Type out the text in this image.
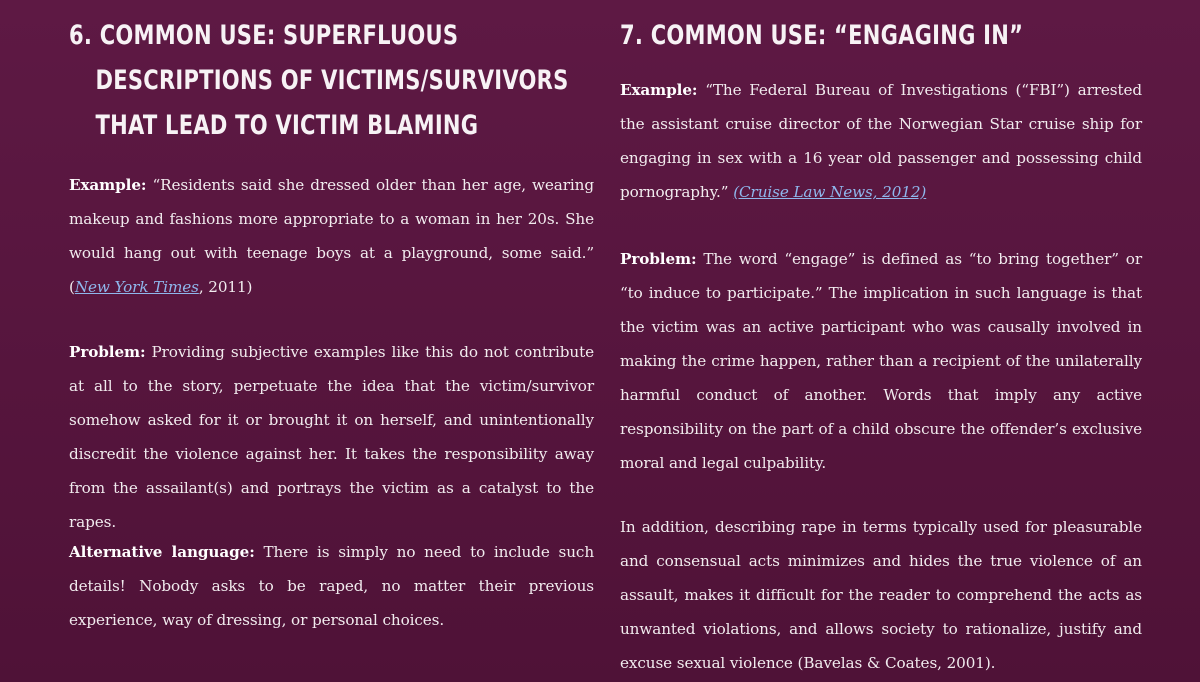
6. COMMON USE: SUPERFLUOUS
DESCRIPTIONS OF VICTIMS/SURVIVORS
THAT LEAD TO VICTIM BLAMING

Example: “Residents said she dressed older than her age, wearing makeup and fashions more appropriate to a woman in her 20s. She would hang out with teenage boys at a playground, some said.” (New York Times, 2011)

Problem: Providing subjective examples like this do not contribute at all to the story, perpetuate the idea that the victim/survivor somehow asked for it or brought it on herself, and unintentionally discredit the violence against her. It takes the responsibility away from the assailant(s) and portrays the victim as a catalyst to the rapes.

Alternative language: There is simply no need to include such details! Nobody asks to be raped, no matter their previous experience, way of dressing, or personal choices.

7. COMMON USE: “ENGAGING IN”

Example: “The Federal Bureau of Investigations (“FBI”) arrested the assistant cruise director of the Norwegian Star cruise ship for engaging in sex with a 16 year old passenger and possessing child pornography.” (Cruise Law News, 2012)

Problem: The word “engage” is defined as “to bring together” or “to induce to participate.” The implication in such language is that the victim was an active participant who was causally involved in making the crime happen, rather than a recipient of the unilaterally harmful conduct of another. Words that imply any active responsibility on the part of a child obscure the offender’s exclusive moral and legal culpability.

In addition, describing rape in terms typically used for pleasurable and consensual acts minimizes and hides the true violence of an assault, makes it difficult for the reader to comprehend the acts as unwanted violations, and allows society to rationalize, justify and excuse sexual violence (Bavelas & Coates, 2001).
